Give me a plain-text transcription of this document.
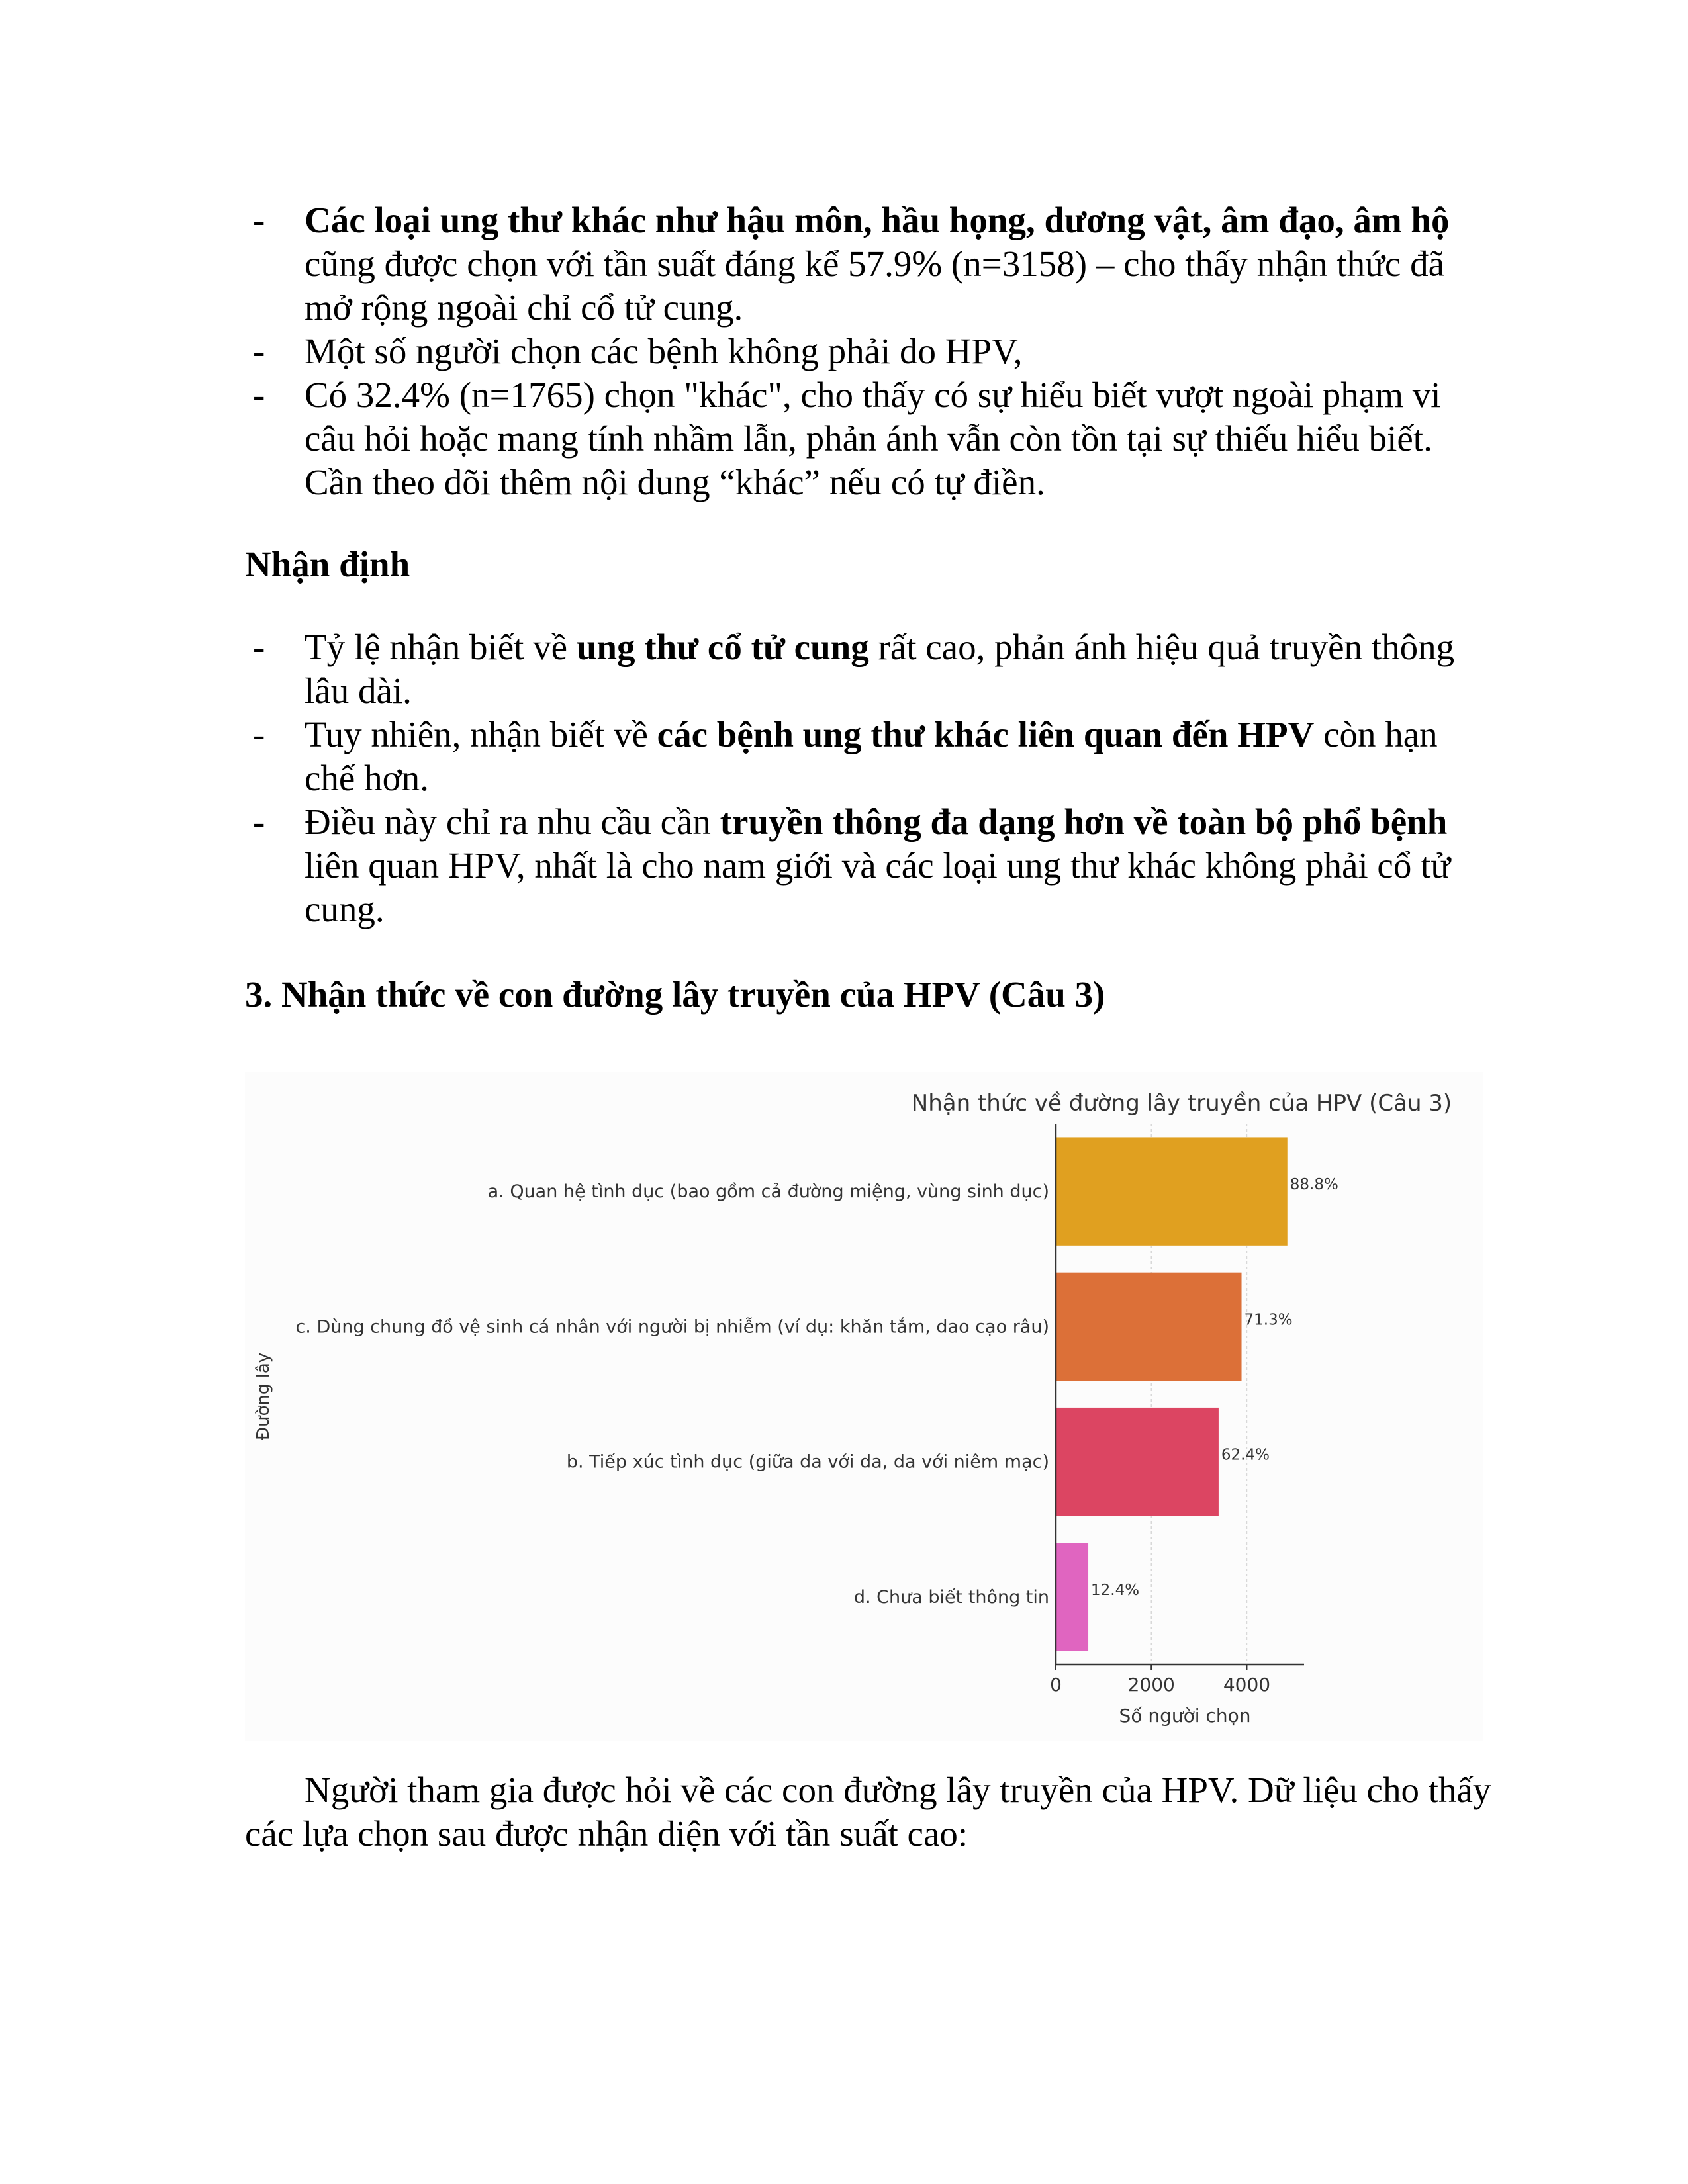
- Các loại ung thư khác như hậu môn, hầu họng, dương vật, âm đạo, âm hộ cũng được chọn với tần suất đáng kể 57.9% (n=3158) – cho thấy nhận thức đã mở rộng ngoài chỉ cổ tử cung.
- Một số người chọn các bệnh không phải do HPV,
- Có 32.4% (n=1765) chọn "khác", cho thấy có sự hiểu biết vượt ngoài phạm vi câu hỏi hoặc mang tính nhầm lẫn, phản ánh vẫn còn tồn tại sự thiếu hiểu biết. Cần theo dõi thêm nội dung “khác” nếu có tự điền.
Nhận định
- Tỷ lệ nhận biết về ung thư cổ tử cung rất cao, phản ánh hiệu quả truyền thông lâu dài.
- Tuy nhiên, nhận biết về các bệnh ung thư khác liên quan đến HPV còn hạn chế hơn.
- Điều này chỉ ra nhu cầu cần truyền thông đa dạng hơn về toàn bộ phổ bệnh liên quan HPV, nhất là cho nam giới và các loại ung thư khác không phải cổ tử cung.
3. Nhận thức về con đường lây truyền của HPV (Câu 3)
Nhận thức về đường lây truyền của HPV (Câu 3)
Đường lây
Số người chọn
0	2000	4000
a. Quan hệ tình dục (bao gồm cả đường miệng, vùng sinh dục)	88.8%
c. Dùng chung đồ vệ sinh cá nhân với người bị nhiễm (ví dụ: khăn tắm, dao cạo râu)	71.3%
b. Tiếp xúc tình dục (giữa da với da, da với niêm mạc)	62.4%
d. Chưa biết thông tin	12.4%

Người tham gia được hỏi về các con đường lây truyền của HPV. Dữ liệu cho thấy các lựa chọn sau được nhận diện với tần suất cao:
